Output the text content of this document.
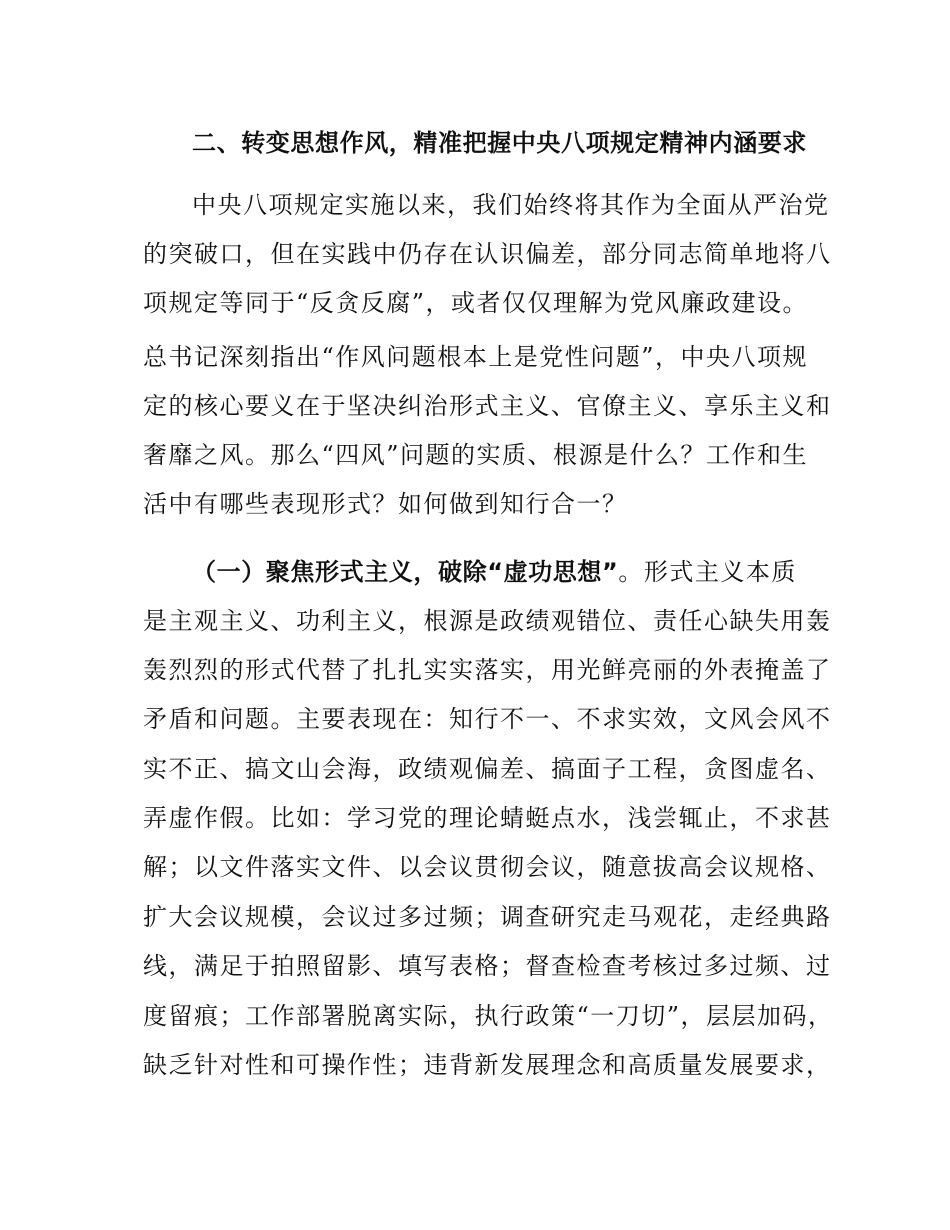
二、转变思想作风，精准把握中央八项规定精神内涵要求
中央八项规定实施以来，我们始终将其作为全面从严治党
的突破口，但在实践中仍存在认识偏差，部分同志简单地将八
项规定等同于“反贪反腐”，或者仅仅理解为党风廉政建设。
总书记深刻指出“作风问题根本上是党性问题”，中央八项规
定的核心要义在于坚决纠治形式主义、官僚主义、享乐主义和
奢靡之风。那么“四风”问题的实质、根源是什么？工作和生
活中有哪些表现形式？如何做到知行合一？
（一）聚焦形式主义，破除“虚功思想”。形式主义本质
是主观主义、功利主义，根源是政绩观错位、责任心缺失用轰
轰烈烈的形式代替了扎扎实实落实，用光鲜亮丽的外表掩盖了
矛盾和问题。主要表现在：知行不一、不求实效，文风会风不
实不正、搞文山会海，政绩观偏差、搞面子工程，贪图虚名、
弄虚作假。比如：学习党的理论蜻蜓点水，浅尝辄止，不求甚
解；以文件落实文件、以会议贯彻会议，随意拔高会议规格、
扩大会议规模，会议过多过频；调查研究走马观花，走经典路
线，满足于拍照留影、填写表格；督查检查考核过多过频、过
度留痕；工作部署脱离实际，执行政策“一刀切”，层层加码，
缺乏针对性和可操作性；违背新发展理念和高质量发展要求，
